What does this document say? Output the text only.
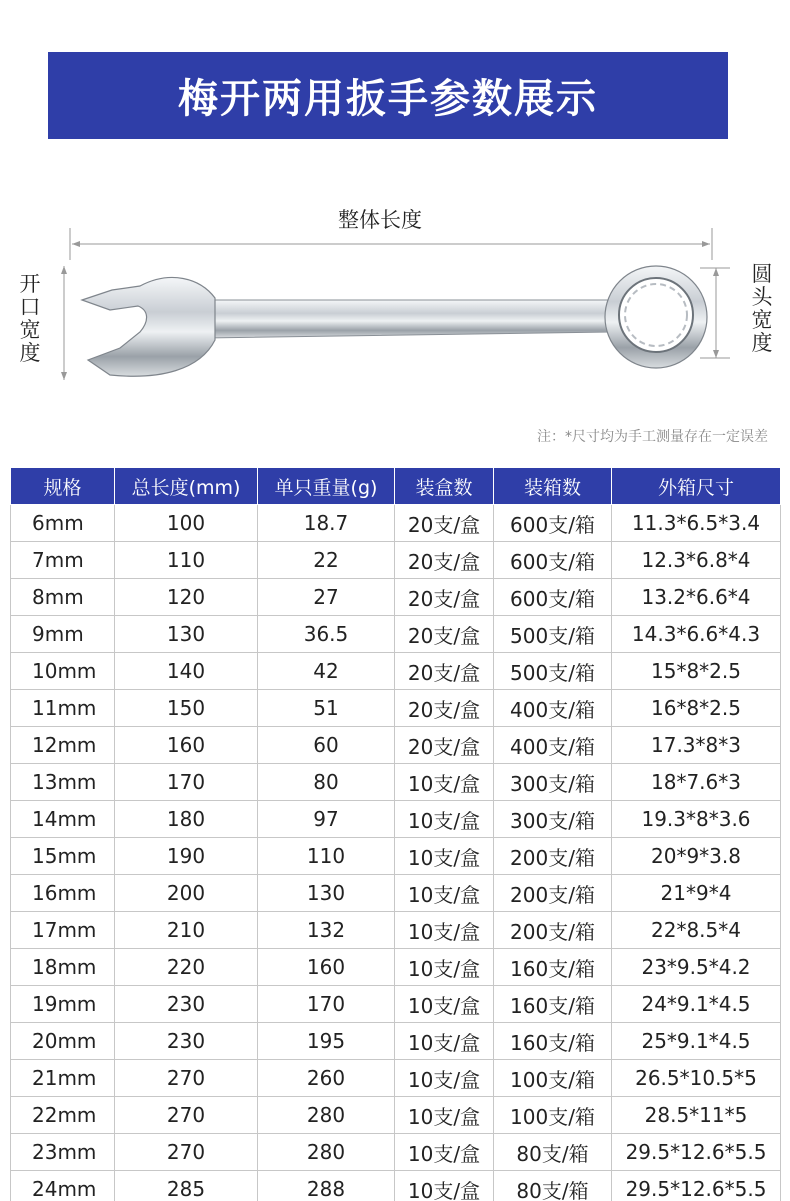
梅开两用扳手参数展示
整体长度
开口宽度
圆头宽度
注：*尺寸均为手工测量存在一定误差
规格	总长度(mm)	单只重量(g)	装盒数	装箱数	外箱尺寸
6mm	100	18.7	20支/盒	600支/箱	11.3*6.5*3.4
7mm	110	22	20支/盒	600支/箱	12.3*6.8*4
8mm	120	27	20支/盒	600支/箱	13.2*6.6*4
9mm	130	36.5	20支/盒	500支/箱	14.3*6.6*4.3
10mm	140	42	20支/盒	500支/箱	15*8*2.5
11mm	150	51	20支/盒	400支/箱	16*8*2.5
12mm	160	60	20支/盒	400支/箱	17.3*8*3
13mm	170	80	10支/盒	300支/箱	18*7.6*3
14mm	180	97	10支/盒	300支/箱	19.3*8*3.6
15mm	190	110	10支/盒	200支/箱	20*9*3.8
16mm	200	130	10支/盒	200支/箱	21*9*4
17mm	210	132	10支/盒	200支/箱	22*8.5*4
18mm	220	160	10支/盒	160支/箱	23*9.5*4.2
19mm	230	170	10支/盒	160支/箱	24*9.1*4.5
20mm	230	195	10支/盒	160支/箱	25*9.1*4.5
21mm	270	260	10支/盒	100支/箱	26.5*10.5*5
22mm	270	280	10支/盒	100支/箱	28.5*11*5
23mm	270	280	10支/盒	80支/箱	29.5*12.6*5.5
24mm	285	288	10支/盒	80支/箱	29.5*12.6*5.5
